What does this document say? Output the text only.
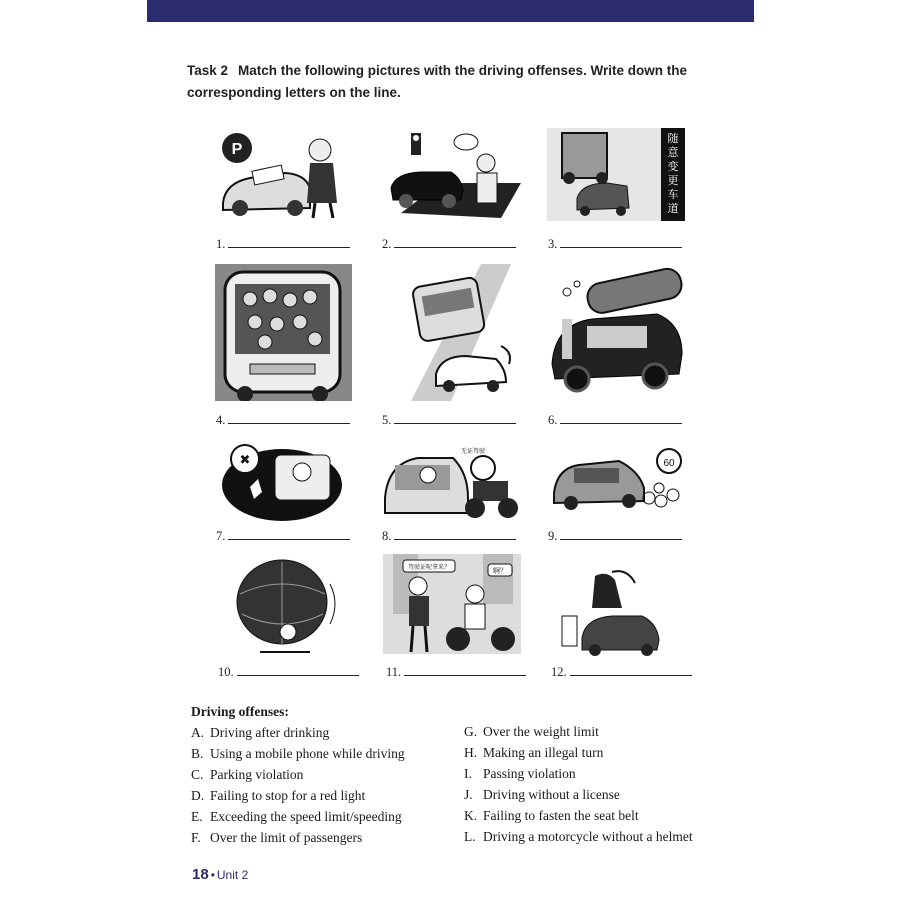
Task 2 Match the following pictures with the driving offenses. Write down the corresponding letters on the line.
P
随
意
变
更
车
道
1.	2.	3.
4.	5.	6.
✖
无证驾驶
60
7.	8.	9.
驾驶证呢拿来？	啊？
10.	11.	12.
Driving offenses:
A. Driving after drinking
B. Using a mobile phone while driving
C. Parking violation
D. Failing to stop for a red light
E. Exceeding the speed limit/speeding
F. Over the limit of passengers
G. Over the weight limit
H. Making an illegal turn
I. Passing violation
J. Driving without a license
K. Failing to fasten the seat belt
L. Driving a motorcycle without a helmet
18 • Unit 2
